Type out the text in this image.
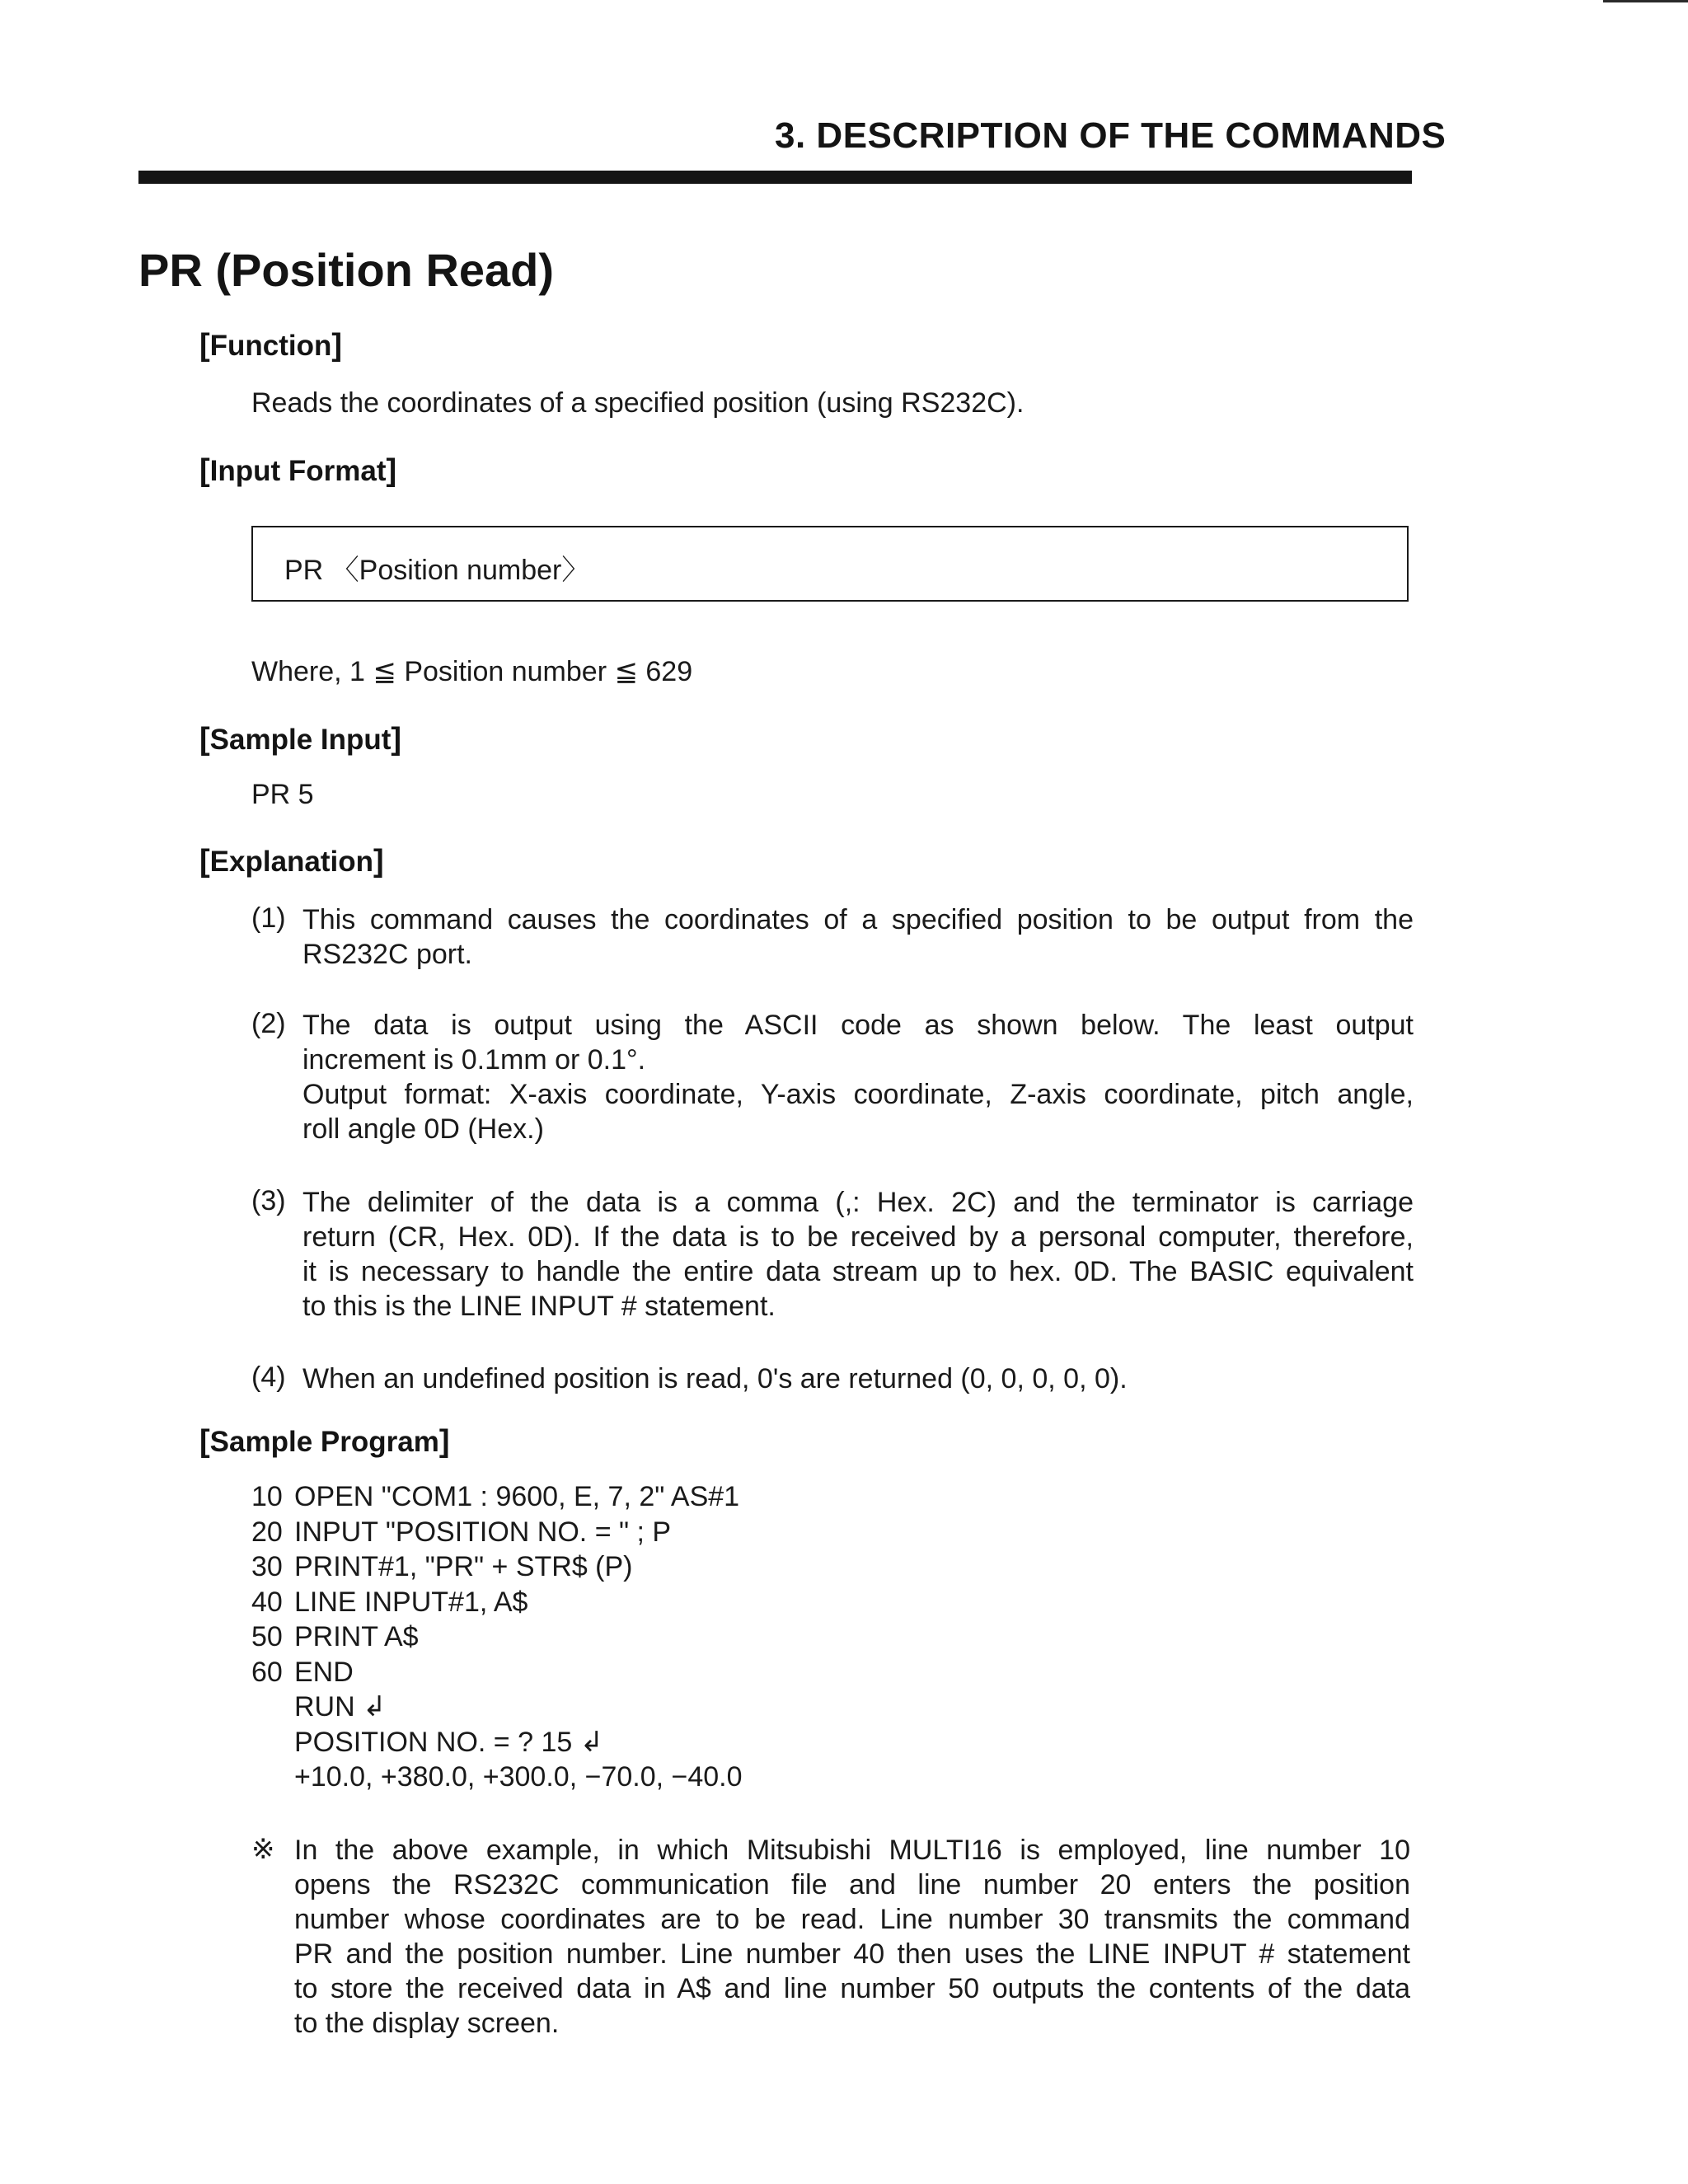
3. DESCRIPTION OF THE COMMANDS
PR (Position Read)
[Function]
Reads the coordinates of a specified position (using RS232C).
[Input Format]
PR 〈Position number〉
Where, 1 ≦ Position number ≦ 629
[Sample Input]
PR 5
[Explanation]
(1) This command causes the coordinates of a specified position to be output from the
RS232C port.
(2) The data is output using the ASCII code as shown below. The least output
increment is 0.1mm or 0.1°.
Output format: X-axis coordinate, Y-axis coordinate, Z-axis coordinate, pitch angle,
roll angle 0D (Hex.)
(3) The delimiter of the data is a comma (,: Hex. 2C) and the terminator is carriage
return (CR, Hex. 0D). If the data is to be received by a personal computer, therefore,
it is necessary to handle the entire data stream up to hex. 0D. The BASIC equivalent
to this is the LINE INPUT # statement.
(4) When an undefined position is read, 0's are returned (0, 0, 0, 0, 0).
[Sample Program]
10 OPEN "COM1 : 9600, E, 7, 2" AS#1
20 INPUT "POSITION NO. = " ; P
30 PRINT#1, "PR" + STR$ (P)
40 LINE INPUT#1, A$
50 PRINT A$
60 END
RUN ↲
POSITION NO. = ? 15 ↲
+10.0, +380.0, +300.0, −70.0, −40.0
※ In the above example, in which Mitsubishi MULTI16 is employed, line number 10
opens the RS232C communication file and line number 20 enters the position
number whose coordinates are to be read. Line number 30 transmits the command
PR and the position number. Line number 40 then uses the LINE INPUT # statement
to store the received data in A$ and line number 50 outputs the contents of the data
to the display screen.
